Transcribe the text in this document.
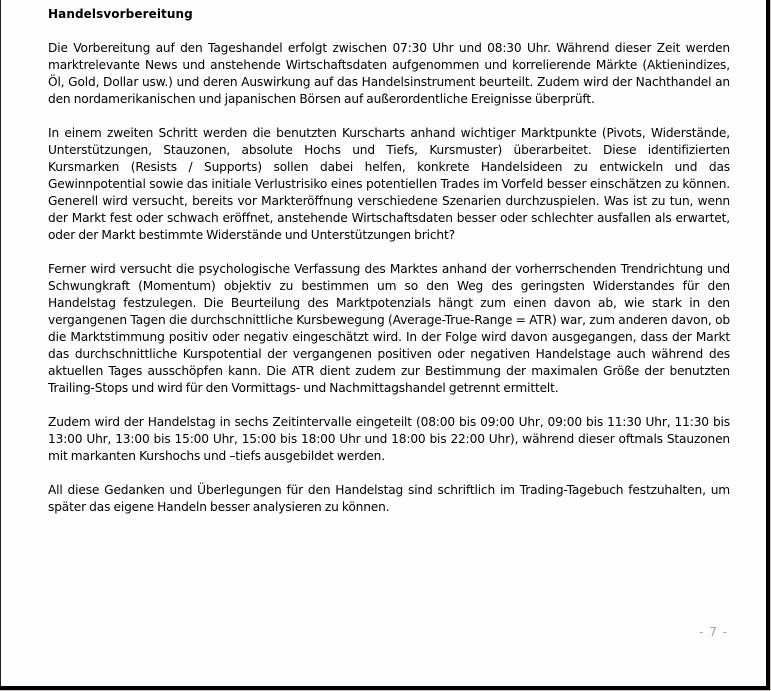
Handelsvorbereitung

Die Vorbereitung auf den Tageshandel erfolgt zwischen 07:30 Uhr und 08:30 Uhr. Während dieser Zeit werden marktrelevante News und anstehende Wirtschaftsdaten aufgenommen und korrelierende Märkte (Aktienindizes, Öl, Gold, Dollar usw.) und deren Auswirkung auf das Handelsinstrument beurteilt. Zudem wird der Nachthandel an den nordamerikanischen und japanischen Börsen auf außerordentliche Ereignisse überprüft.

In einem zweiten Schritt werden die benutzten Kurscharts anhand wichtiger Marktpunkte (Pivots, Widerstände, Unterstützungen, Stauzonen, absolute Hochs und Tiefs, Kursmuster) überarbeitet. Diese identifizierten Kursmarken (Resists / Supports) sollen dabei helfen, konkrete Handelsideen zu entwickeln und das Gewinnpotential sowie das initiale Verlustrisiko eines potentiellen Trades im Vorfeld besser einschätzen zu können. Generell wird versucht, bereits vor Markteröffnung verschiedene Szenarien durchzuspielen. Was ist zu tun, wenn der Markt fest oder schwach eröffnet, anstehende Wirtschaftsdaten besser oder schlechter ausfallen als erwartet, oder der Markt bestimmte Widerstände und Unterstützungen bricht?

Ferner wird versucht die psychologische Verfassung des Marktes anhand der vorherrschenden Trendrichtung und Schwungkraft (Momentum) objektiv zu bestimmen um so den Weg des geringsten Widerstandes für den Handelstag festzulegen. Die Beurteilung des Marktpotenzials hängt zum einen davon ab, wie stark in den vergangenen Tagen die durchschnittliche Kursbewegung (Average-True-Range = ATR) war, zum anderen davon, ob die Marktstimmung positiv oder negativ eingeschätzt wird. In der Folge wird davon ausgegangen, dass der Markt das durchschnittliche Kurspotential der vergangenen positiven oder negativen Handelstage auch während des aktuellen Tages ausschöpfen kann. Die ATR dient zudem zur Bestimmung der maximalen Größe der benutzten Trailing-Stops und wird für den Vormittags- und Nachmittagshandel getrennt ermittelt.

Zudem wird der Handelstag in sechs Zeitintervalle eingeteilt (08:00 bis 09:00 Uhr, 09:00 bis 11:30 Uhr, 11:30 bis 13:00 Uhr, 13:00 bis 15:00 Uhr, 15:00 bis 18:00 Uhr und 18:00 bis 22:00 Uhr), während dieser oftmals Stauzonen mit markanten Kurshochs und –tiefs ausgebildet werden.

All diese Gedanken und Überlegungen für den Handelstag sind schriftlich im Trading-Tagebuch festzuhalten, um später das eigene Handeln besser analysieren zu können.

- 7 -
